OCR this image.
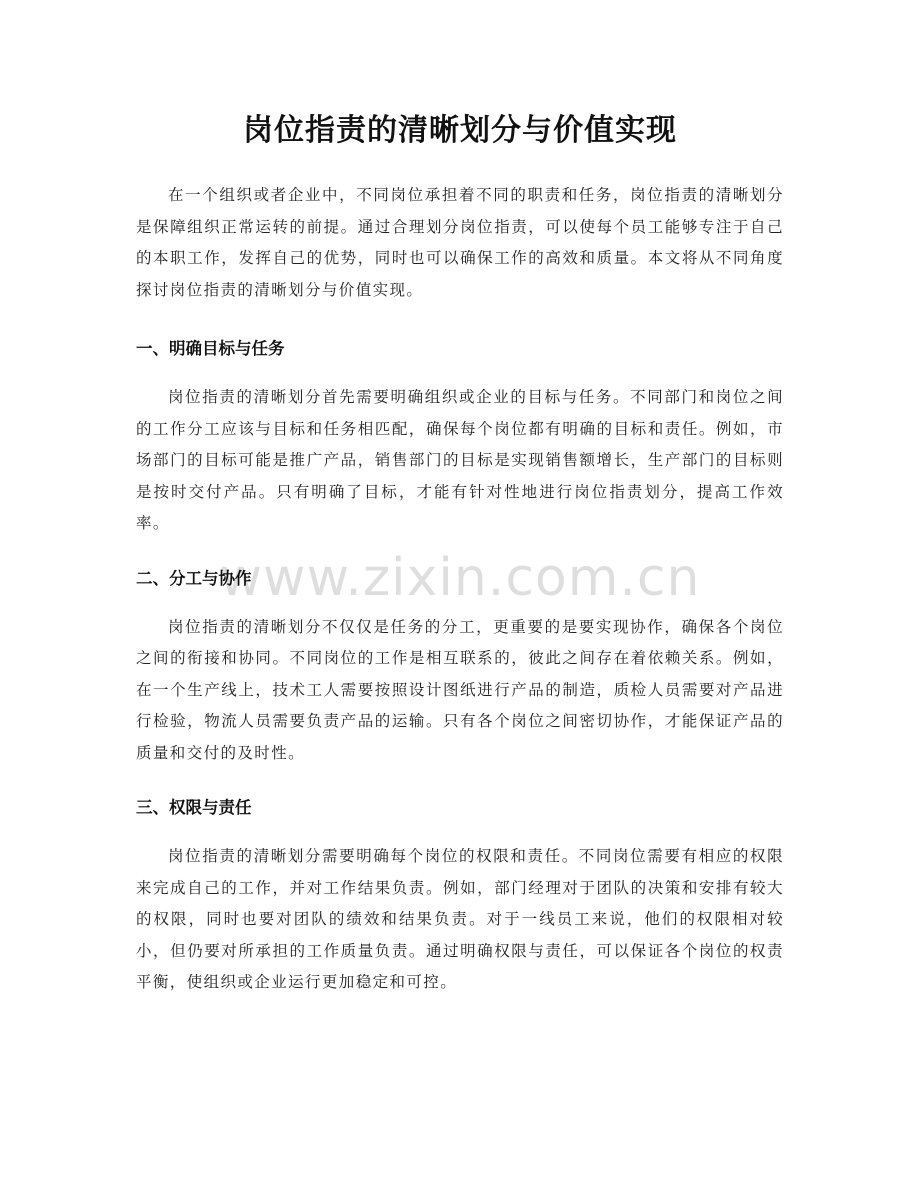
岗位指责的清晰划分与价值实现

在一个组织或者企业中，不同岗位承担着不同的职责和任务，岗位指责的清晰划分是保障组织正常运转的前提。通过合理划分岗位指责，可以使每个员工能够专注于自己的本职工作，发挥自己的优势，同时也可以确保工作的高效和质量。本文将从不同角度探讨岗位指责的清晰划分与价值实现。

一、明确目标与任务

岗位指责的清晰划分首先需要明确组织或企业的目标与任务。不同部门和岗位之间的工作分工应该与目标和任务相匹配，确保每个岗位都有明确的目标和责任。例如，市场部门的目标可能是推广产品，销售部门的目标是实现销售额增长，生产部门的目标则是按时交付产品。只有明确了目标，才能有针对性地进行岗位指责划分，提高工作效率。

二、分工与协作

岗位指责的清晰划分不仅仅是任务的分工，更重要的是要实现协作，确保各个岗位之间的衔接和协同。不同岗位的工作是相互联系的，彼此之间存在着依赖关系。例如，在一个生产线上，技术工人需要按照设计图纸进行产品的制造，质检人员需要对产品进行检验，物流人员需要负责产品的运输。只有各个岗位之间密切协作，才能保证产品的质量和交付的及时性。

三、权限与责任

岗位指责的清晰划分需要明确每个岗位的权限和责任。不同岗位需要有相应的权限来完成自己的工作，并对工作结果负责。例如，部门经理对于团队的决策和安排有较大的权限，同时也要对团队的绩效和结果负责。对于一线员工来说，他们的权限相对较小，但仍要对所承担的工作质量负责。通过明确权限与责任，可以保证各个岗位的权责平衡，使组织或企业运行更加稳定和可控。

www.zixin.com.cn
